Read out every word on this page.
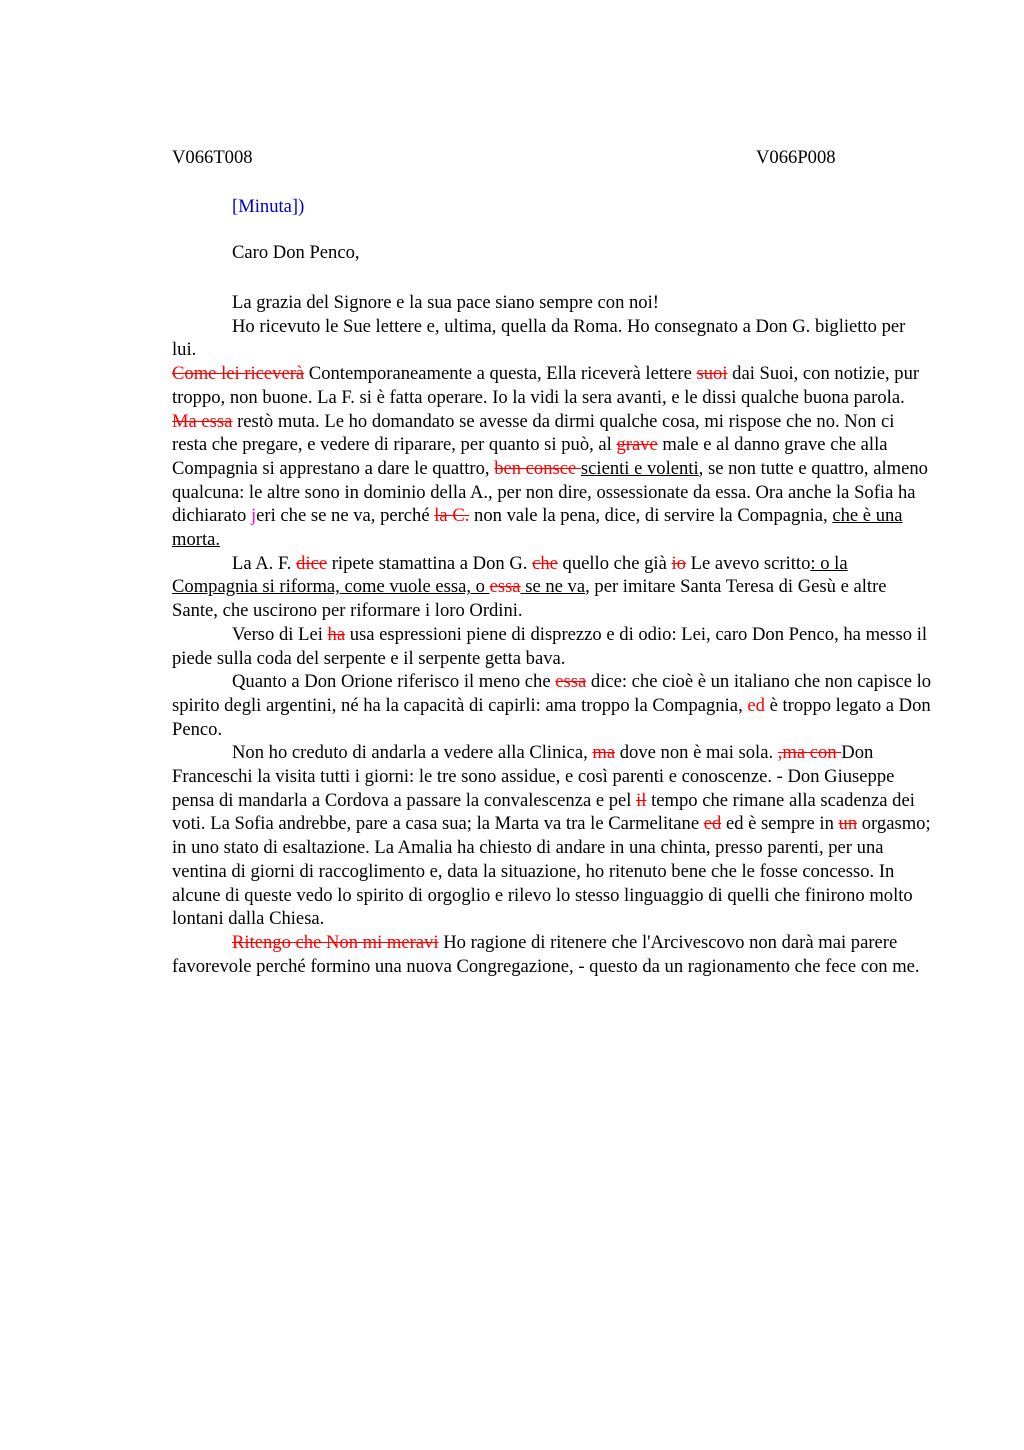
V066T008	V066P008
[Minuta])
Caro Don Penco,

La grazia del Signore e la sua pace siano sempre con noi!

Ho ricevuto le Sue lettere e, ultima, quella da Roma. Ho consegnato a Don G. biglietto per lui.

Come lei riceverà Contemporaneamente a questa, Ella riceverà lettere suoi dai Suoi, con notizie, pur troppo, non buone. La F. si è fatta operare. Io la vidi la sera avanti, e le dissi qualche buona parola. Ma essa restò muta. Le ho domandato se avesse da dirmi qualche cosa, mi rispose che no. Non ci resta che pregare, e vedere di riparare, per quanto si può, al grave male e al danno grave che alla Compagnia si apprestano a dare le quattro, ben consce scienti e volenti, se non tutte e quattro, almeno qualcuna: le altre sono in dominio della A., per non dire, ossessionate da essa. Ora anche la Sofia ha dichiarato jeri che se ne va, perché la C. non vale la pena, dice, di servire la Compagnia, che è una morta.

La A. F. dice ripete stamattina a Don G. che quello che già io Le avevo scritto: o la Compagnia si riforma, come vuole essa, o essa se ne va, per imitare Santa Teresa di Gesù e altre Sante, che uscirono per riformare i loro Ordini.

Verso di Lei ha usa espressioni piene di disprezzo e di odio: Lei, caro Don Penco, ha messo il piede sulla coda del serpente e il serpente getta bava.

Quanto a Don Orione riferisco il meno che essa dice: che cioè è un italiano che non capisce lo spirito degli argentini, né ha la capacità di capirli: ama troppo la Compagnia, ed è troppo legato a Don Penco.

Non ho creduto di andarla a vedere alla Clinica, ma dove non è mai sola. ,ma con Don Franceschi la visita tutti i giorni: le tre sono assidue, e così parenti e conoscenze. - Don Giuseppe pensa di mandarla a Cordova a passare la convalescenza e pel il tempo che rimane alla scadenza dei voti. La Sofia andrebbe, pare a casa sua; la Marta va tra le Carmelitane ed ed è sempre in un orgasmo; in uno stato di esaltazione. La Amalia ha chiesto di andare in una chinta, presso parenti, per una ventina di giorni di raccoglimento e, data la situazione, ho ritenuto bene che le fosse concesso. In alcune di queste vedo lo spirito di orgoglio e rilevo lo stesso linguaggio di quelli che finirono molto lontani dalla Chiesa.

Ritengo che Non mi meravi Ho ragione di ritenere che l'Arcivescovo non darà mai parere favorevole perché formino una nuova Congregazione, - questo da un ragionamento che fece con me.
